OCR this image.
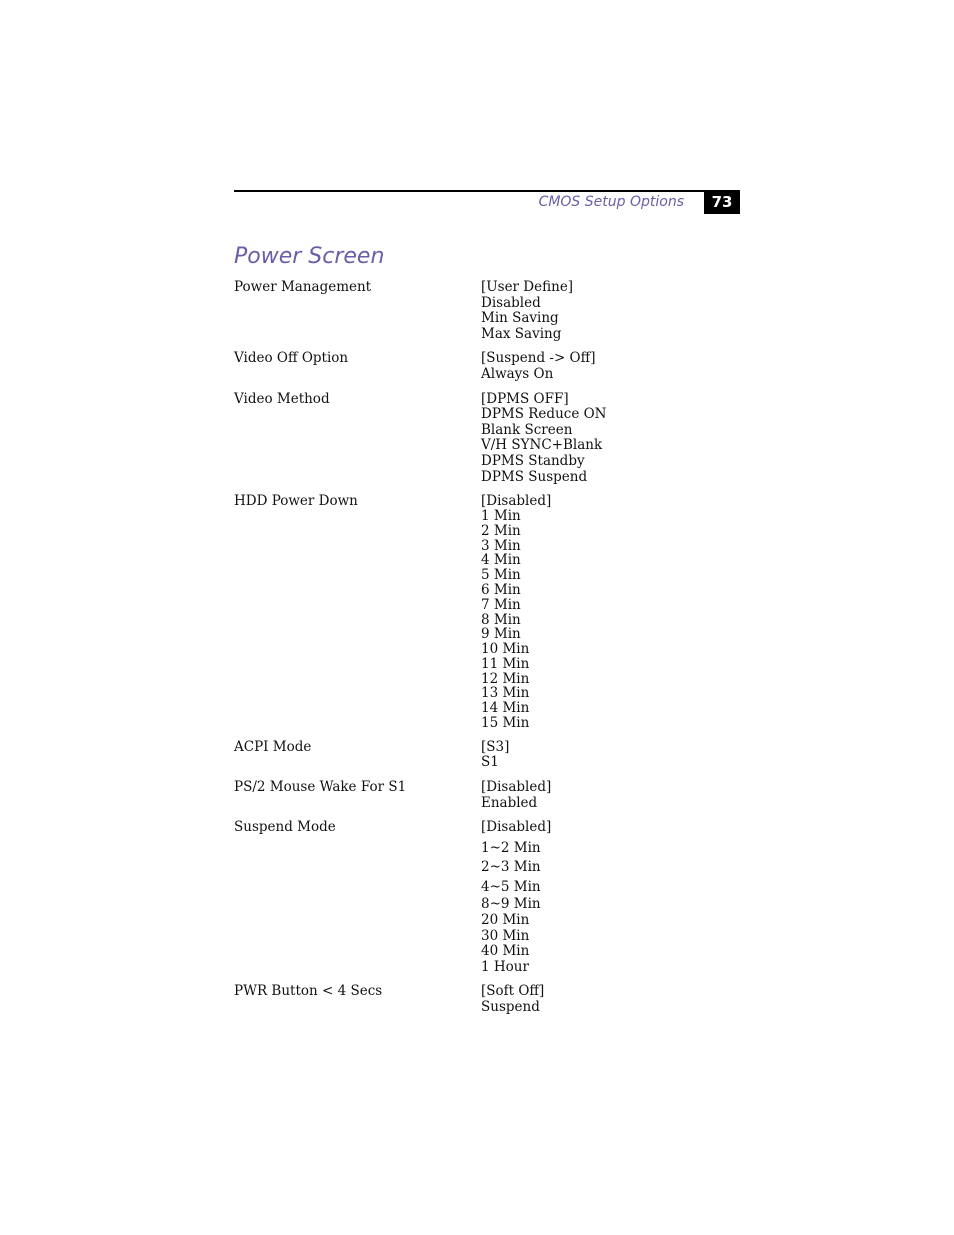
CMOS Setup Options	73
Power Screen
Power Management	[User Define]
Disabled
Min Saving
Max Saving
Video Off Option	[Suspend -> Off]
Always On
Video Method	[DPMS OFF]
DPMS Reduce ON
Blank Screen
V/H SYNC+Blank
DPMS Standby
DPMS Suspend
HDD Power Down	[Disabled]
1 Min
2 Min
3 Min
4 Min
5 Min
6 Min
7 Min
8 Min
9 Min
10 Min
11 Min
12 Min
13 Min
14 Min
15 Min
ACPI Mode	[S3]
S1
PS/2 Mouse Wake For S1	[Disabled]
Enabled
Suspend Mode	[Disabled]
1~2 Min
2~3 Min
4~5 Min
8~9 Min
20 Min
30 Min
40 Min
1 Hour
PWR Button < 4 Secs	[Soft Off]
Suspend
